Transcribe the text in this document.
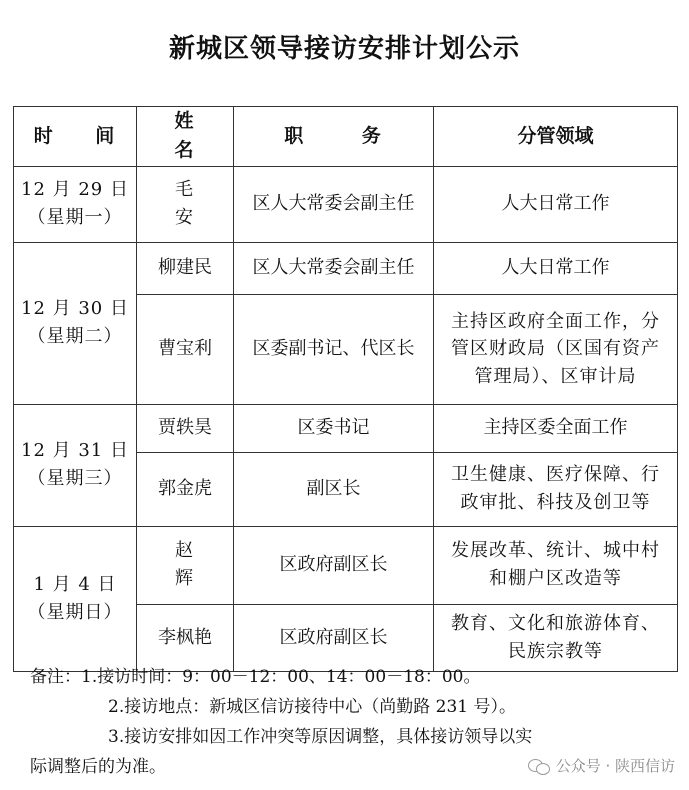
新城区领导接访安排计划公示
时 间	姓 名	职 务	分管领域

12 月 29 日
（星期一）	毛 安	区人大常委会副主任	人大日常工作

12 月 30 日
（星期二）	柳建民	区人大常委会副主任	人大日常工作
	曹宝利	区委副书记、代区长	主持区政府全面工作，分
管区财政局（区国有资产
管理局）、区审计局

12 月 31 日
（星期三）	贾轶昊	区委书记	主持区委全面工作
	郭金虎	副区长	卫生健康、医疗保障、行
政审批、科技及创卫等

1 月 4 日
（星期日）	赵 辉	区政府副区长	发展改革、统计、城中村
和棚户区改造等

	李枫艳	区政府副区长	教育、文化和旅游体育、
民族宗教等
备注：1.接访时间：9：00－12：00、14：00－18：00。
2.接访地点：新城区信访接待中心（尚勤路 231 号）。
3.接访安排如因工作冲突等原因调整，具体接访领导以实
际调整后的为准。	公众号 · 陕西信访
